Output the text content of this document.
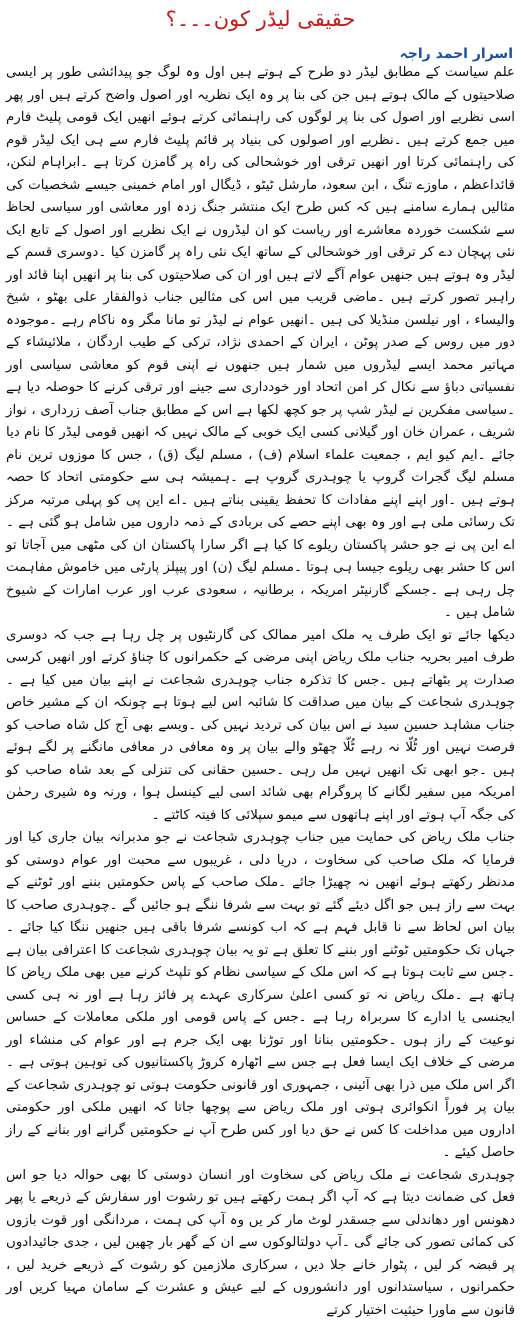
حقیقی لیڈر کون۔۔۔؟
اسرار احمد راجہ

علم سیاست کے مطابق لیڈر دو طرح کے ہوتے ہیں اول وہ لوگ جو پیدائشی طور پر ایسی صلاحیتوں کے مالک ہوتے ہیں جن کی بنا پر وہ ایک نظریہ اور اصول واضح کرتے ہیں اور پھر اسی نظریے اور اصول کی بنا پر لوگوں کی راہنمائی کرتے ہوئے انھیں ایک قومی پلیٹ فارم میں جمع کرتے ہیں ۔نظریے اور اصولوں کی بنیاد پر قائم پلیٹ فارم سے ہی ایک لیڈر قوم کی راہنمائی کرتا اور انھیں ترقی اور خوشحالی کی راہ پر گامزن کرتا ہے ۔ابراہام لنکن، قائداعظم ، ماوزے تنگ ، ابن سعود، مارشل ٹیٹو ، ڈیگال اور امام خمینی جیسے شخصیات کی مثالیں ہمارے سامنے ہیں کہ کس طرح ایک منتشر جنگ زدہ اور معاشی اور سیاسی لحاظ سے شکست خوردہ معاشرے اور ریاست کو ان لیڈروں نے ایک نظریے اور اصول کے تابع ایک نئی پہچان دے کر ترقی اور خوشحالی کے ساتھ ایک نئی راہ پر گامزن کیا ۔دوسری قسم کے لیڈر وہ ہوتے ہیں جنھیں عوام آگے لاتے ہیں اور ان کی صلاحیتوں کی بنا پر انھیں اپنا قائد اور راہبر تصور کرتے ہیں ۔ماضی قریب میں اس کی مثالیں جناب ذوالفقار علی بھٹو ، شیخ والیساء ، اور نیلسن منڈیلا کی ہیں ۔انھیں عوام نے لیڈر تو مانا مگر وہ ناکام رہے ۔موجودہ دور میں روس کے صدر پوٹن ، ایران کے احمدی نژاد، ترکی کے طیب اردگان ، ملائیشاء کے مہاتیر محمد ایسے لیڈروں میں شمار ہیں جنھوں نے اپنی قوم کو معاشی سیاسی اور نفسیاتی دباؤ سے نکال کر امن اتحاد اور خودداری سے جینے اور ترقی کرنے کا حوصلہ دیا ہے ۔سیاسی مفکرین نے لیڈر شپ پر جو کچھ لکھا ہے اس کے مطابق جناب آصف زرداری ، نواز شریف ، عمران خان اور گیلانی کسی ایک خوبی کے مالک نہیں کہ انھیں قومی لیڈر کا نام دیا جائے ۔ایم کیو ایم ، جمعیت علماء اسلام (ف) ، مسلم لیگ (ق) ، جس کا موزوں ترین نام مسلم لیگ گجرات گروپ یا چوہدری گروپ ہے ۔ہمیشہ ہی سے حکومتی اتحاد کا حصہ ہوتے ہیں ۔اور اپنے اپنے مفادات کا تحفظ یقینی بناتے ہیں ۔اے این پی کو پہلی مرتبہ مرکز تک رسائی ملی ہے اور وہ بھی اپنے حصے کی بربادی کے ذمہ داروں میں شامل ہو گئی ہے ۔اے این پی نے جو حشر پاکستان ریلوے کا کیا ہے اگر سارا پاکستان ان کی مٹھی میں آجاتا تو اس کا حشر بھی ریلوے جیسا ہی ہوتا ۔مسلم لیگ (ن) اور پیپلز پارٹی میں خاموش مفاہمت چل رہی ہے ۔جسکے گارنیٹر امریکہ ، برطانیہ ، سعودی عرب اور عرب امارات کے شیوخ شامل ہیں ۔

دیکھا جائے تو ایک طرف یہ ملک امیر ممالک کی گارنٹیوں پر چل رہا ہے جب کہ دوسری طرف امیر بحریہ جناب ملک ریاض اپنی مرضی کے حکمرانوں کا چناؤ کرتے اور انھیں کرسی صدارت پر بٹھاتے ہیں ۔جس کا تذکرہ جناب چوہدری شجاعت نے اپنے بیان میں کیا ہے ۔چوہدری شجاعت کے بیان میں صداقت کا شائبہ اس لیے ہوتا ہے چونکہ ان کے مشیر خاص جناب مشاہد حسین سید نے اس بیان کی تردید نہیں کی ۔ویسے بھی آج کل شاہ صاحب کو فرصت نہیں اور ٹُلّا نہ رہے ٹُلّا چھٹو والے بیان پر وہ معافی در معافی مانگنے پر لگے ہوئے ہیں ۔جو ابھی تک انھیں نہیں مل رہی ۔حسین حقانی کی تنزلی کے بعد شاہ صاحب کو امریکہ میں سفیر لگانے کا پروگرام بھی شائد اسی لیے کینسل ہوا ، ورنہ وہ شیری رحمٰن کی جگہ آپ ہوتے اور اپنے ہاتھوں سے میمو سپلائی کا فیتہ کاٹتے ۔

جناب ملک ریاض کی حمایت میں جناب چوہدری شجاعت نے جو مدبرانہ بیان جاری کیا اور فرمایا کہ ملک صاحب کی سخاوت ، دریا دلی ، غریبوں سے محبت اور عوام دوستی کو مدنظر رکھتے ہوئے انھیں نہ چھیڑا جائے ۔ملک صاحب کے پاس حکومتیں بننے اور ٹوٹنے کے بہت سے راز ہیں جو اگل دیئے گئے تو بہت سے شرفا ننگے ہو جائیں گے ۔چوہدری صاحب کا بیان اس لحاظ سے نا قابل فہم ہے کہ اب کونسے شرفا باقی ہیں جنھیں ننگا کیا جائے ۔جہاں تک حکومتیں ٹوٹنے اور بننے کا تعلق ہے تو یہ بیان چوہدری شجاعت کا اعترافی بیان ہے ۔جس سے ثابت ہوتا ہے کہ اس ملک کے سیاسی نظام کو تلپٹ کرنے میں بھی ملک ریاض کا ہاتھ ہے ۔ملک ریاض نہ تو کسی اعلیٰ سرکاری عہدے پر فائز رہا ہے اور نہ ہی کسی ایجنسی یا ادارے کا سربراہ رہا ہے ۔جس کے پاس قومی اور ملکی معاملات کے حساس نوعیت کے راز ہوں ۔حکومتیں بنانا اور توڑنا بھی ایک جرم ہے اور عوام کی منشاء اور مرضی کے خلاف ایک ایسا فعل ہے جس سے اٹھارہ کروڑ پاکستانیوں کی توہین ہوتی ہے ۔اگر اس ملک میں ذرا بھی آئینی ، جمہوری اور قانونی حکومت ہوتی تو چوہدری شجاعت کے بیان پر فوراً انکوائری ہوتی اور ملک ریاض سے پوچھا جاتا کہ انھیں ملکی اور حکومتی اداروں میں مداخلت کا کس نے حق دیا اور کس طرح آپ نے حکومتیں گرانے اور بنانے کے راز حاصل کیئے ۔

چوہدری شجاعت نے ملک ریاض کی سخاوت اور انسان دوستی کا بھی حوالہ دیا جو اس فعل کی ضمانت دیتا ہے کہ آپ اگر ہمت رکھتے ہیں تو رشوت اور سفارش کے ذریعے یا پھر دھونس اور دھاندلی سے جسقدر لوٹ مار کر یں وہ آپ کی ہمت ، مردانگی اور قوت بازوں کی کمائی تصور کی جائے گی ۔آپ دولتالوکوں سے ان کے گھر بار چھین لیں ، جدی جائیدادوں پر قبضہ کر لیں ، پٹوار خانے جلا دیں ، سرکاری ملازمین کو رشوت کے ذریعے خرید لیں ، حکمرانوں ، سیاستدانوں اور دانشوروں کے لیے عیش و عشرت کے سامان مہیا کریں اور قانون سے ماورا حیثیت اختیار کرتے
